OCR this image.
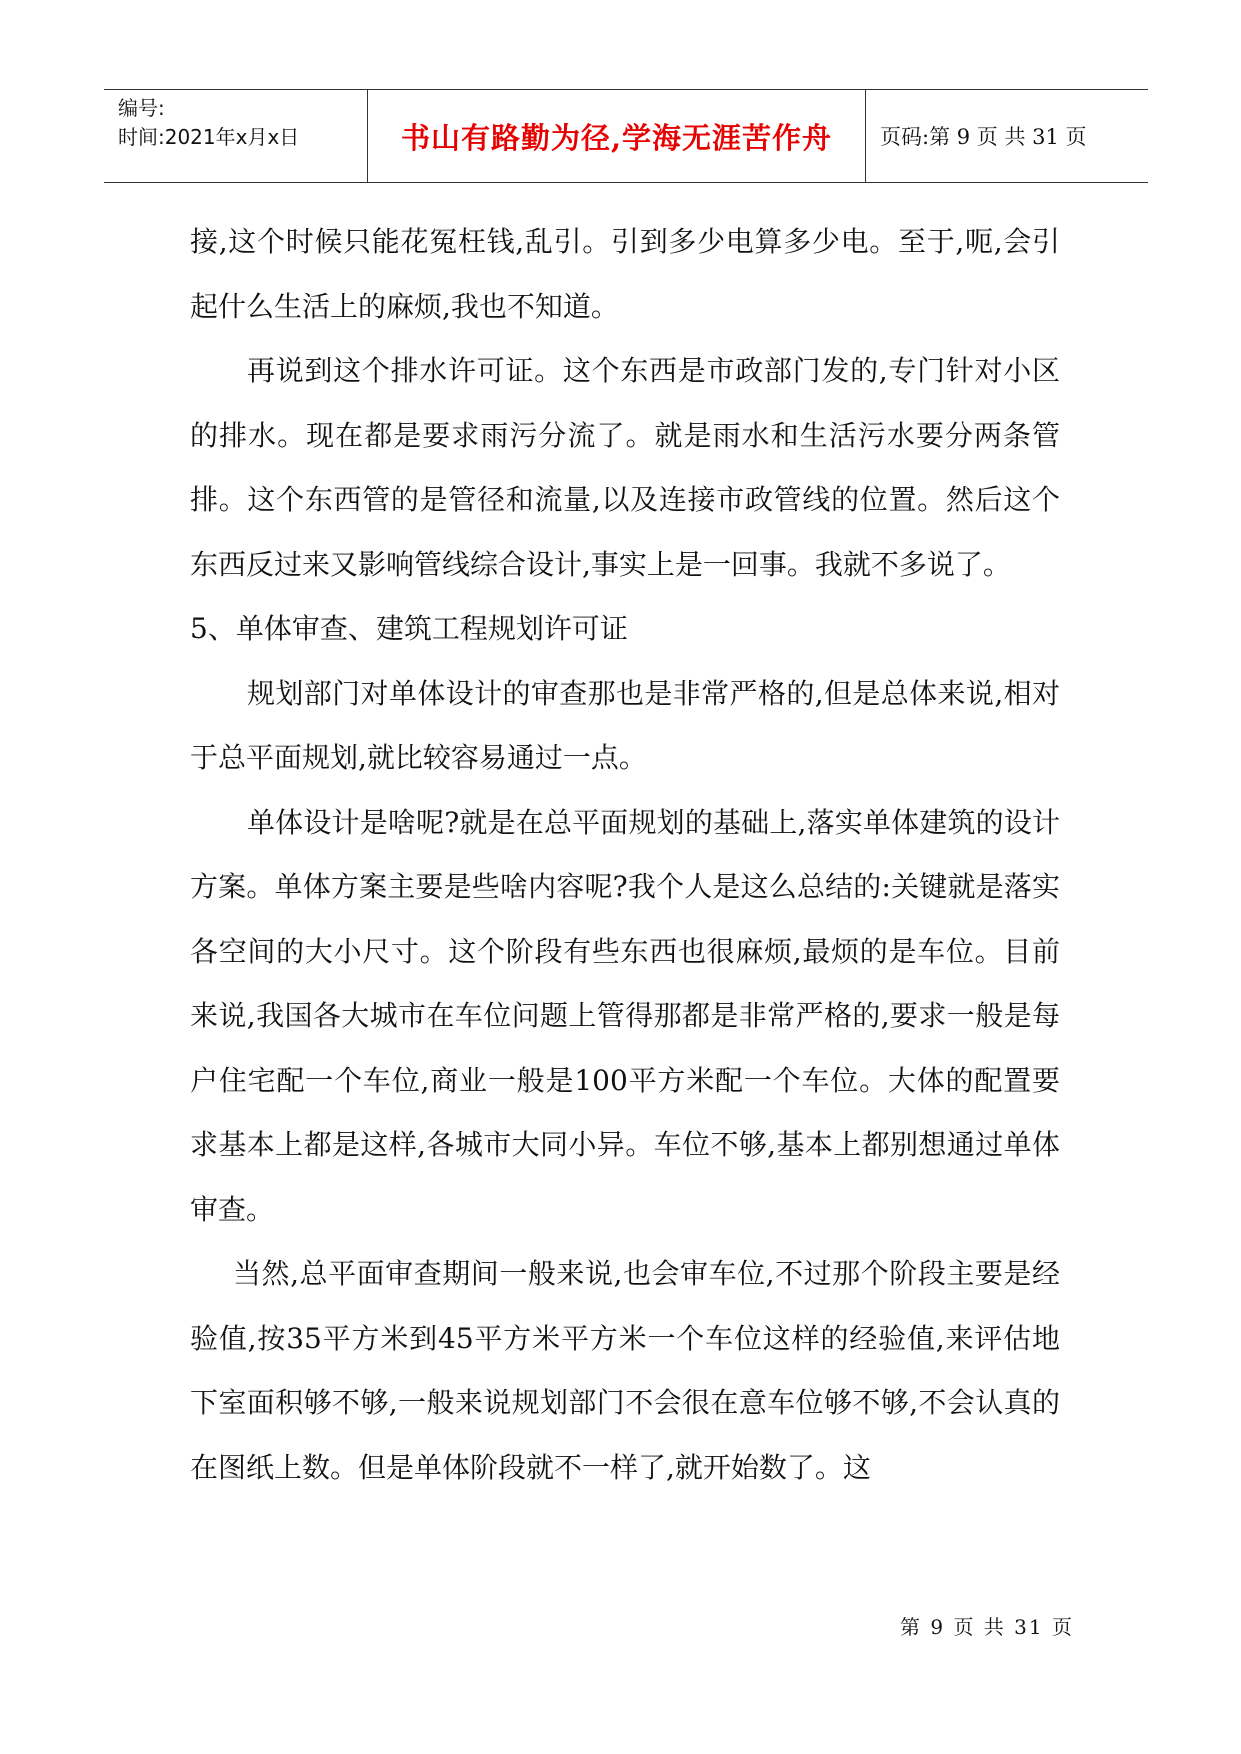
编号:
时间:2021年x月x日	书山有路勤为径,学海无涯苦作舟	页码:第 9 页 共 31 页

接,这个时候只能花冤枉钱,乱引。引到多少电算多少电。至于,呃,会引起什么生活上的麻烦,我也不知道。

再说到这个排水许可证。这个东西是市政部门发的,专门针对小区的排水。现在都是要求雨污分流了。就是雨水和生活污水要分两条管排。这个东西管的是管径和流量,以及连接市政管线的位置。然后这个东西反过来又影响管线综合设计,事实上是一回事。我就不多说了。

5、单体审查、建筑工程规划许可证

规划部门对单体设计的审查那也是非常严格的,但是总体来说,相对于总平面规划,就比较容易通过一点。

单体设计是啥呢?就是在总平面规划的基础上,落实单体建筑的设计方案。单体方案主要是些啥内容呢?我个人是这么总结的:关键就是落实各空间的大小尺寸。这个阶段有些东西也很麻烦,最烦的是车位。目前来说,我国各大城市在车位问题上管得那都是非常严格的,要求一般是每户住宅配一个车位,商业一般是100平方米配一个车位。大体的配置要求基本上都是这样,各城市大同小异。车位不够,基本上都别想通过单体审查。

当然,总平面审查期间一般来说,也会审车位,不过那个阶段主要是经验值,按35平方米到45平方米平方米一个车位这样的经验值,来评估地下室面积够不够,一般来说规划部门不会很在意车位够不够,不会认真的在图纸上数。但是单体阶段就不一样了,就开始数了。这

第 9 页 共 31 页
